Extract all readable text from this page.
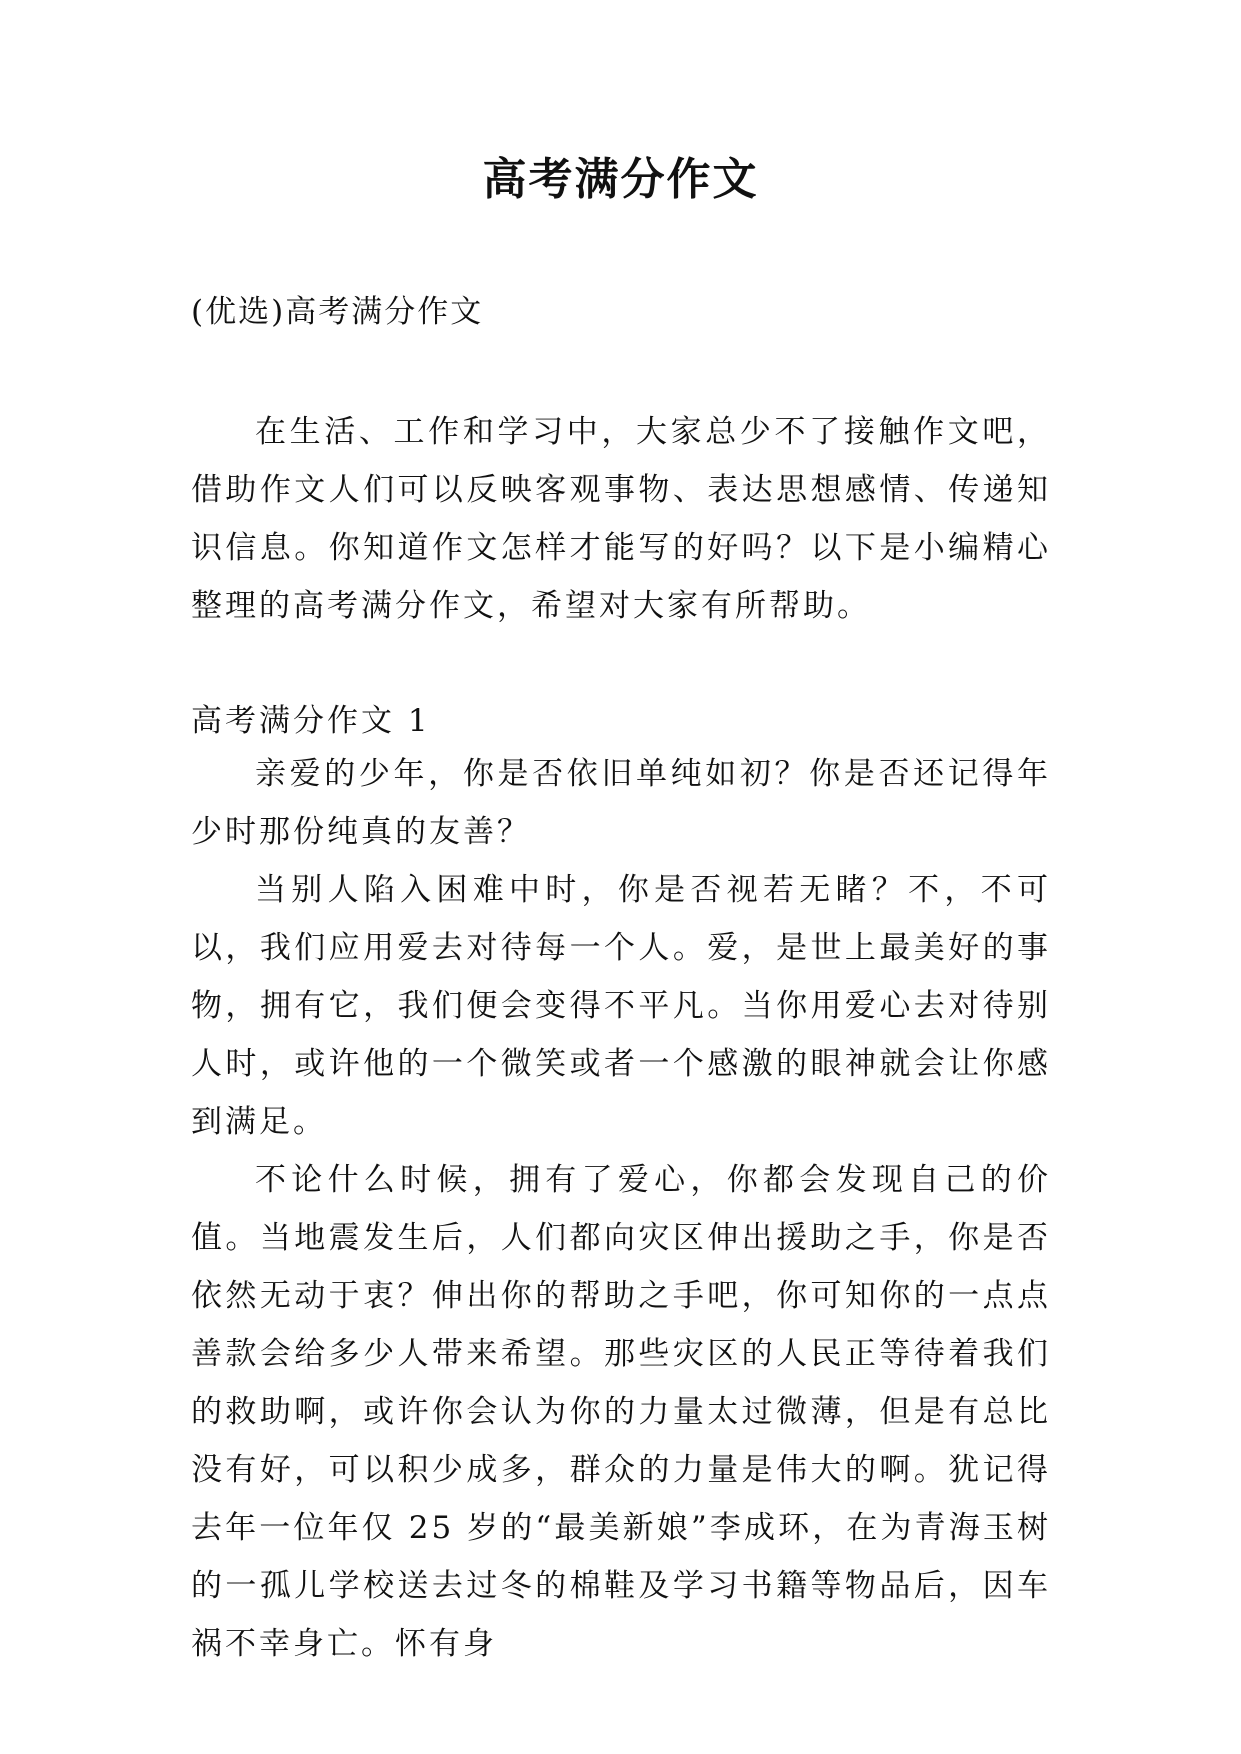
高考满分作文
(优选)高考满分作文

在生活、工作和学习中，大家总少不了接触作文吧，借助作文人们可以反映客观事物、表达思想感情、传递知识信息。你知道作文怎样才能写的好吗？以下是小编精心整理的高考满分作文，希望对大家有所帮助。

高考满分作文 1

亲爱的少年，你是否依旧单纯如初？你是否还记得年少时那份纯真的友善？

当别人陷入困难中时，你是否视若无睹？不，不可以，我们应用爱去对待每一个人。爱，是世上最美好的事物，拥有它，我们便会变得不平凡。当你用爱心去对待别人时，或许他的一个微笑或者一个感激的眼神就会让你感到满足。

不论什么时候，拥有了爱心，你都会发现自己的价值。当地震发生后，人们都向灾区伸出援助之手，你是否依然无动于衷？伸出你的帮助之手吧，你可知你的一点点善款会给多少人带来希望。那些灾区的人民正等待着我们的救助啊，或许你会认为你的力量太过微薄，但是有总比没有好，可以积少成多，群众的力量是伟大的啊。犹记得去年一位年仅 25 岁的“最美新娘”李成环，在为青海玉树的一孤儿学校送去过冬的棉鞋及学习书籍等物品后，因车祸不幸身亡。怀有身
